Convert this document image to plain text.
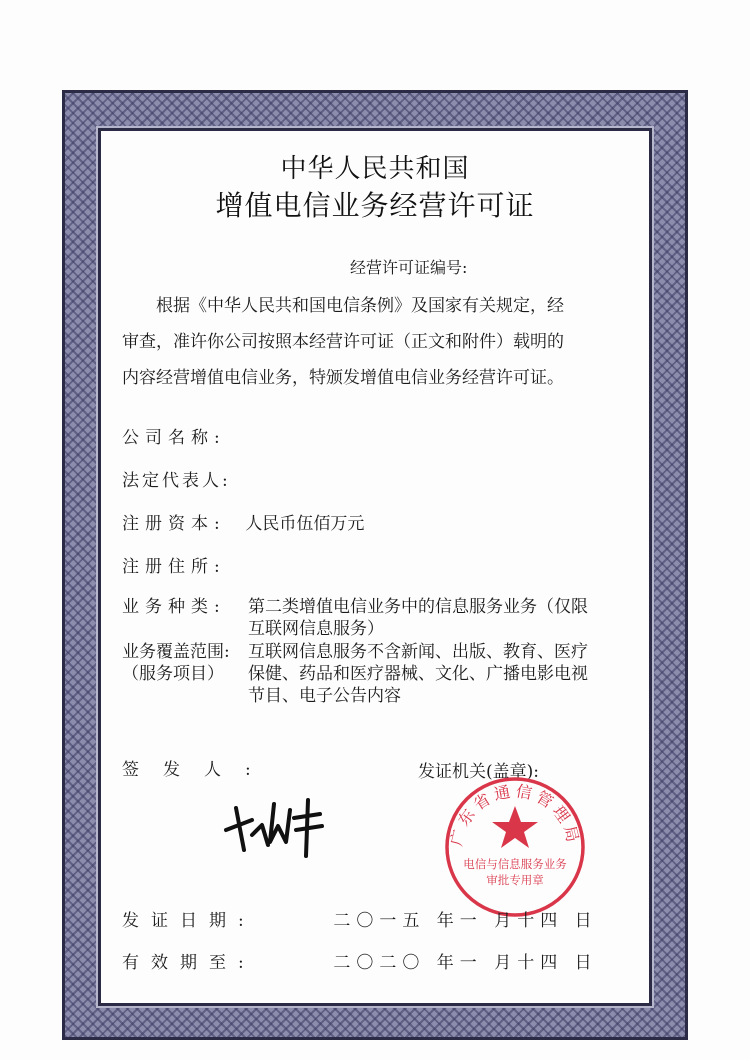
中华人民共和国
增值电信业务经营许可证
经营许可证编号:
根据《中华人民共和国电信条例》及国家有关规定，经
审查，准许你公司按照本经营许可证（正文和附件）载明的
内容经营增值电信业务，特颁发增值电信业务经营许可证。
公司名称:
法定代表人:
注册资本: 人民币伍佰万元
注册住所:
业务种类:	第二类增值电信业务中的信息服务业务（仅限
互联网信息服务）
业务覆盖范围:
（服务项目）
互联网信息服务不含新闻、出版、教育、医疗
保健、药品和医疗器械、文化、广播电影电视
节目、电子公告内容
签发人:	发证机关(盖章):
广东省通信管理局
电信与信息服务业务
审批专用章
发证日期:	二〇一五 年一 月十四 日
有效期至:	二〇二〇 年一 月十四 日
